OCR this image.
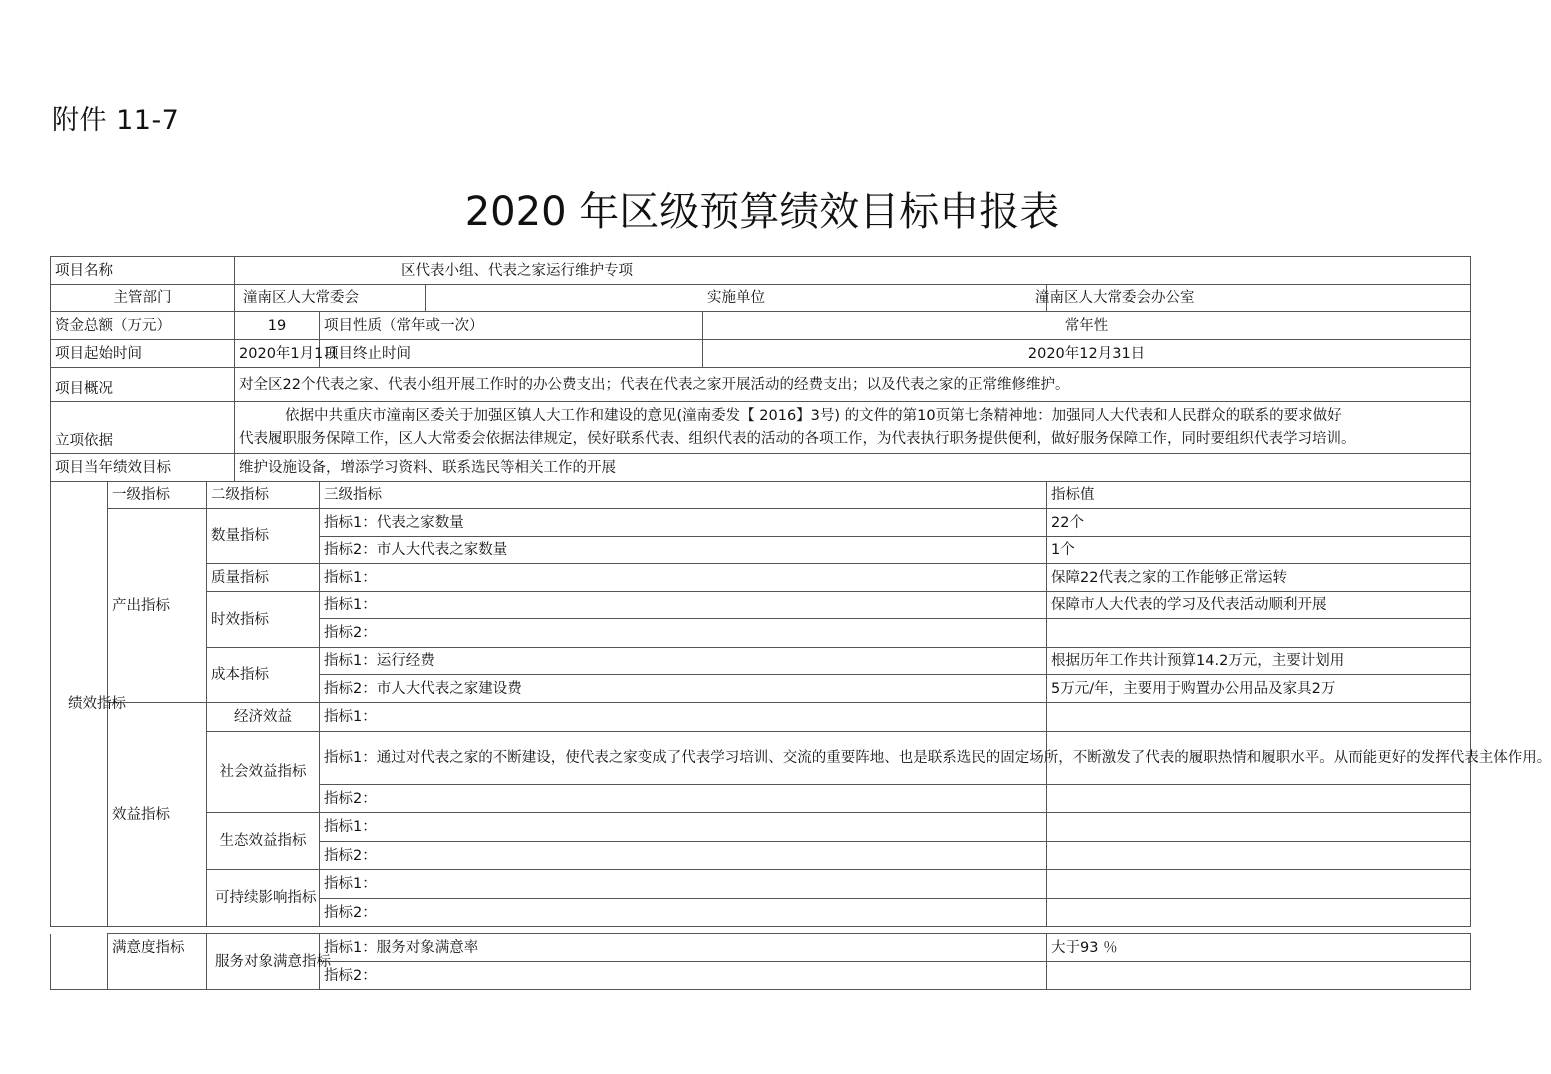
附件 11-7
2020 年区级预算绩效目标申报表
项目名称			区代表小组、代表之家运行维护专项				
主管部门			潼南区人大常委会		实施单位		潼南区人大常委会办公室
资金总额（万元）			19	项目性质（常年或一次）		常年性	
项目起始时间			2020年1月1日	项目终止时间		2020年12月31日	
项目概况			对全区22个代表之家、代表小组开展工作时的办公费支出；代表在代表之家开展活动的经费支出；以及代表之家的正常维修维护。				
立项依据			依据中共重庆市潼南区委关于加强区镇人大工作和建设的意见(潼南委发【 2016】3号) 的文件的第10页第七条精神地：加强同人大代表和人民群众的联系的要求做好
代表履职服务保障工作，区人大常委会依据法律规定，侯好联系代表、组织代表的活动的各项工作，为代表执行职务提供便利，做好服务保障工作，同时要组织代表学习培训。				

项目当年绩效目标			维护设施设备，增添学习资料、联系选民等相关工作的开展				
绩效指标	一级指标	二级指标		三级指标			指标值
	产出指标	数量指标		指标1：代表之家数量			22个
				指标2：市人大代表之家数量			1个
		质量指标		指标1：			保障22代表之家的工作能够正常运转
		时效指标		指标1：			保障市人大代表的学习及代表活动顺利开展
				指标2：			
		成本指标		指标1：运行经费			根据历年工作共计预算14.2万元，主要计划用
				指标2：市人大代表之家建设费			5万元/年，主要用于购置办公用品及家具2万
	效益指标	经济效益		指标1：			
		社会效益指标		指标1：通过对代表之家的不断建设，使代表之家变成了代表学习培训、交流的重要阵地、也是联系选民的固定场所，不断激发了代表的履职热情和履职水平。从而能更好的发挥代表主体作用。			
				指标2：			
		生态效益指标		指标1：			
				指标2：			
		可持续影响指标		指标1：			
				指标2：			
	满意度指标	服务对象满意指标	指标1：服务对象满意率	大于93 ％
			指标2：	
